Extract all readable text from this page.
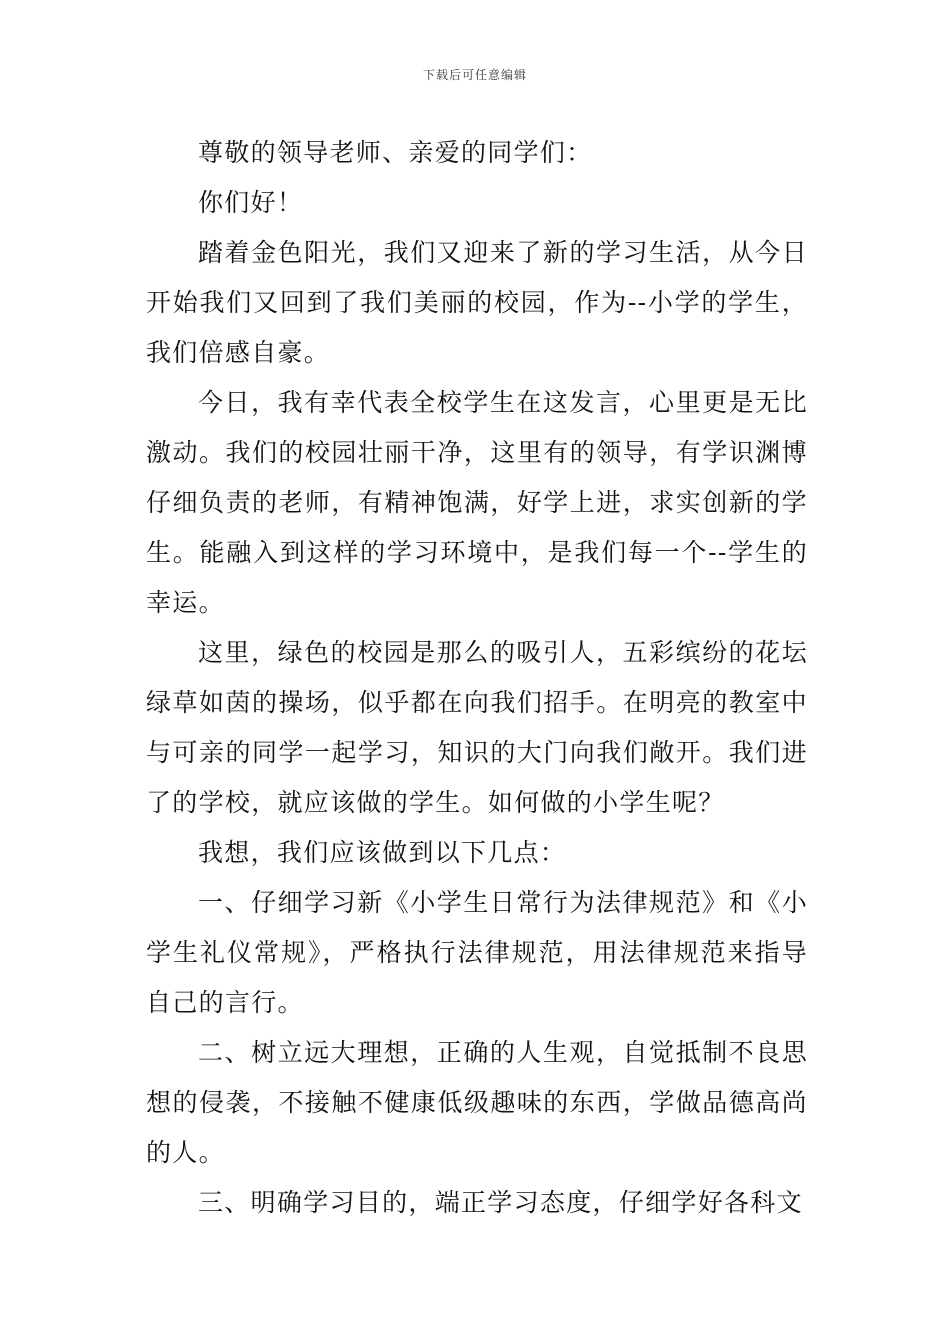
下载后可任意编辑

尊敬的领导老师、亲爱的同学们：

你们好！

踏着金色阳光，我们又迎来了新的学习生活，从今日开始我们又回到了我们美丽的校园，作为--小学的学生，我们倍感自豪。

今日，我有幸代表全校学生在这发言，心里更是无比激动。我们的校园壮丽干净，这里有的领导，有学识渊博仔细负责的老师，有精神饱满，好学上进，求实创新的学生。能融入到这样的学习环境中，是我们每一个--学生的幸运。

这里，绿色的校园是那么的吸引人，五彩缤纷的花坛绿草如茵的操场，似乎都在向我们招手。在明亮的教室中与可亲的同学一起学习，知识的大门向我们敞开。我们进了的学校，就应该做的学生。如何做的小学生呢？

我想，我们应该做到以下几点：

一、仔细学习新《小学生日常行为法律规范》和《小学生礼仪常规》，严格执行法律规范，用法律规范来指导自己的言行。

二、树立远大理想，正确的人生观，自觉抵制不良思想的侵袭，不接触不健康低级趣味的东西，学做品德高尚的人。

三、明确学习目的，端正学习态度，仔细学好各科文
